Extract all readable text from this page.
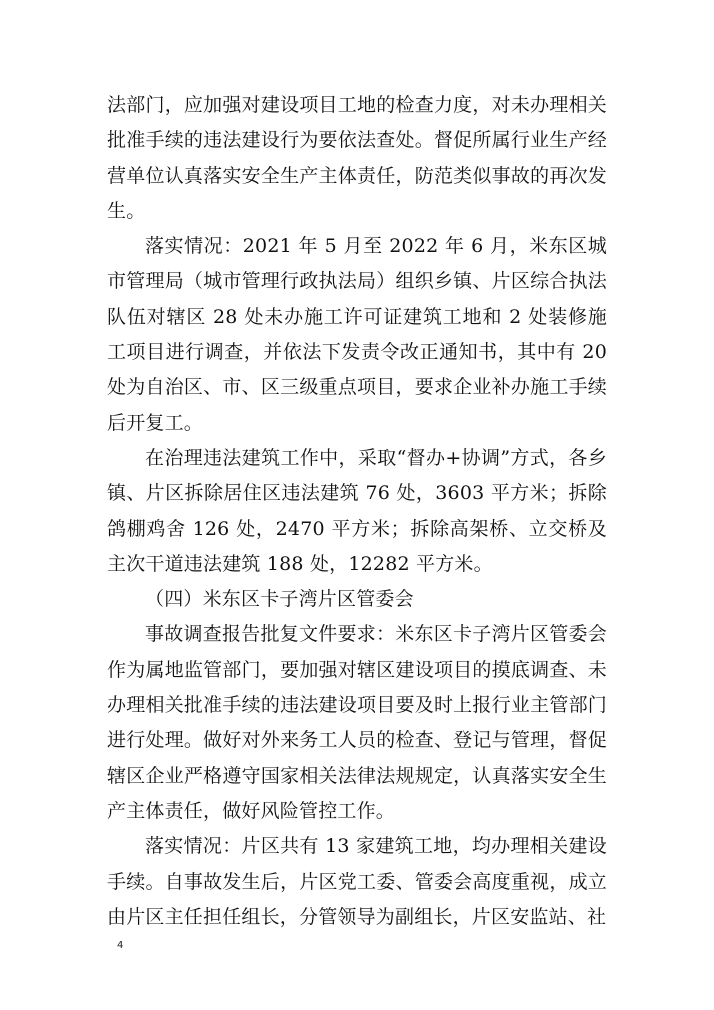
法部门，应加强对建设项目工地的检查力度，对未办理相关批准手续的违法建设行为要依法查处。督促所属行业生产经营单位认真落实安全生产主体责任，防范类似事故的再次发生。

落实情况：2021 年 5 月至 2022 年 6 月，米东区城市管理局（城市管理行政执法局）组织乡镇、片区综合执法队伍对辖区 28 处未办施工许可证建筑工地和 2 处装修施工项目进行调查，并依法下发责令改正通知书，其中有 20 处为自治区、市、区三级重点项目，要求企业补办施工手续后开复工。

在治理违法建筑工作中，采取“督办+协调”方式，各乡镇、片区拆除居住区违法建筑 76 处，3603 平方米；拆除鸽棚鸡舍 126 处，2470 平方米；拆除高架桥、立交桥及主次干道违法建筑 188 处，12282 平方米。

（四）米东区卡子湾片区管委会

事故调查报告批复文件要求：米东区卡子湾片区管委会作为属地监管部门，要加强对辖区建设项目的摸底调查、未办理相关批准手续的违法建设项目要及时上报行业主管部门进行处理。做好对外来务工人员的检查、登记与管理，督促辖区企业严格遵守国家相关法律法规规定，认真落实安全生产主体责任，做好风险管控工作。

落实情况：片区共有 13 家建筑工地，均办理相关建设手续。自事故发生后，片区党工委、管委会高度重视，成立由片区主任担任组长，分管领导为副组长，片区安监站、社

4
